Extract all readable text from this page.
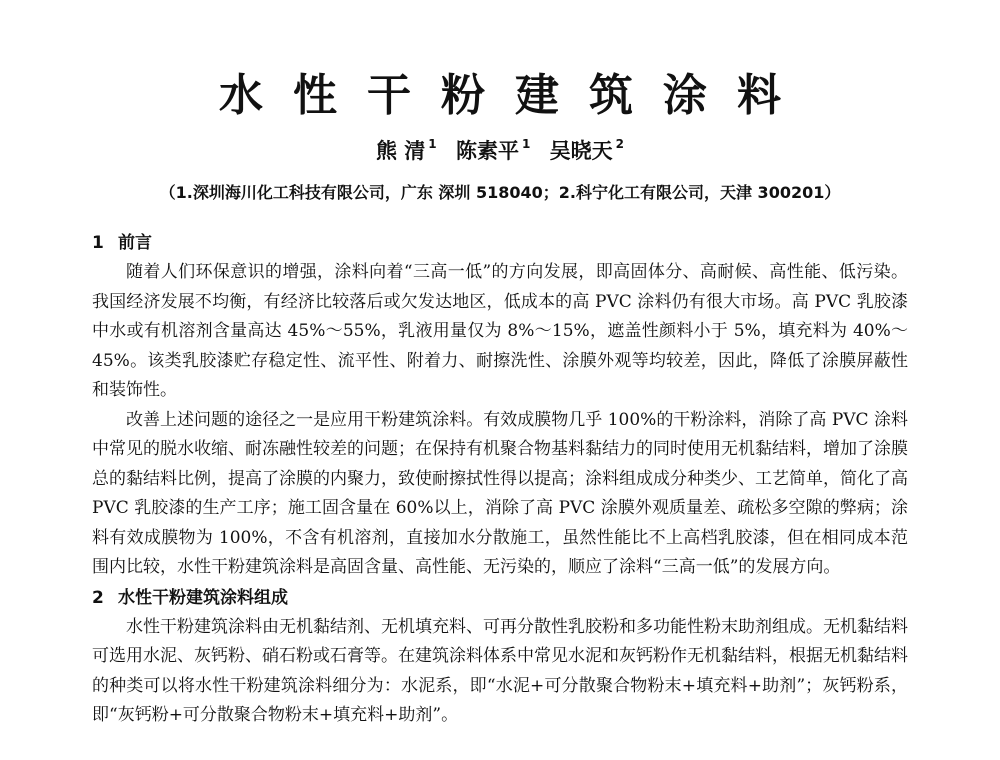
水性干粉建筑涂料
熊 清 $^1$ 陈素平 $^1$ 吴晓天 $^2$
（1.深圳海川化工科技有限公司，广东 深圳 518040；2.科宁化工有限公司，天津 300201）
1 前言

随着人们环保意识的增强，涂料向着“三高一低”的方向发展，即高固体分、高耐候、高性能、低污染。我国经济发展不均衡，有经济比较落后或欠发达地区，低成本的高 PVC 涂料仍有很大市场。高 PVC 乳胶漆中水或有机溶剂含量高达 45%～55%，乳液用量仅为 8%～15%，遮盖性颜料小于 5%，填充料为 40%～45%。该类乳胶漆贮存稳定性、流平性、附着力、耐擦洗性、涂膜外观等均较差，因此，降低了涂膜屏蔽性和装饰性。

改善上述问题的途径之一是应用干粉建筑涂料。有效成膜物几乎 100%的干粉涂料，消除了高 PVC 涂料中常见的脱水收缩、耐冻融性较差的问题；在保持有机聚合物基料黏结力的同时使用无机黏结料，增加了涂膜总的黏结料比例，提高了涂膜的内聚力，致使耐擦拭性得以提高；涂料组成成分种类少、工艺简单，简化了高 PVC 乳胶漆的生产工序；施工固含量在 60%以上，消除了高 PVC 涂膜外观质量差、疏松多空隙的弊病；涂料有效成膜物为 100%，不含有机溶剂，直接加水分散施工，虽然性能比不上高档乳胶漆，但在相同成本范围内比较，水性干粉建筑涂料是高固含量、高性能、无污染的，顺应了涂料“三高一低”的发展方向。

2 水性干粉建筑涂料组成

水性干粉建筑涂料由无机黏结剂、无机填充料、可再分散性乳胶粉和多功能性粉末助剂组成。无机黏结料可选用水泥、灰钙粉、硝石粉或石膏等。在建筑涂料体系中常见水泥和灰钙粉作无机黏结料，根据无机黏结料的种类可以将水性干粉建筑涂料细分为：水泥系，即“水泥+可分散聚合物粉末+填充料+助剂”；灰钙粉系，即“灰钙粉+可分散聚合物粉末+填充料+助剂”。
